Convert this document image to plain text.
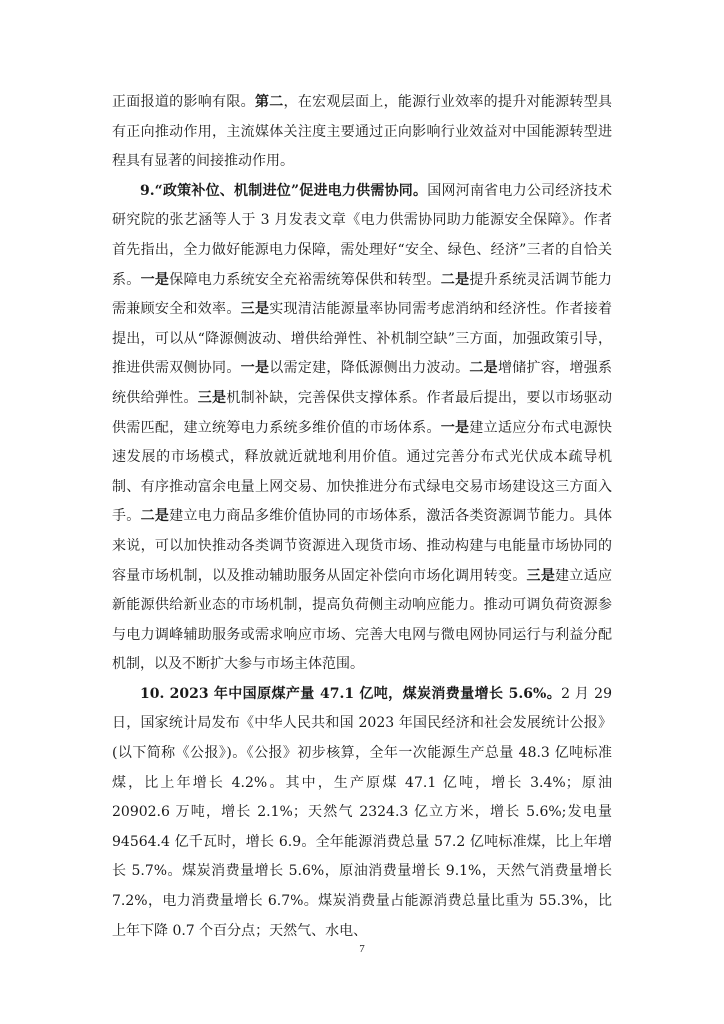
正面报道的影响有限。第二，在宏观层面上，能源行业效率的提升对能源转型具有正向推动作用，主流媒体关注度主要通过正向影响行业效益对中国能源转型进程具有显著的间接推动作用。

9.“政策补位、机制进位”促进电力供需协同。国网河南省电力公司经济技术研究院的张艺涵等人于 3 月发表文章《电力供需协同助力能源安全保障》。作者首先指出，全力做好能源电力保障，需处理好“安全、绿色、经济”三者的自恰关系。一是保障电力系统安全充裕需统筹保供和转型。二是提升系统灵活调节能力需兼顾安全和效率。三是实现清洁能源量率协同需考虑消纳和经济性。作者接着提出，可以从“降源侧波动、增供给弹性、补机制空缺”三方面，加强政策引导，推进供需双侧协同。一是以需定建，降低源侧出力波动。二是增储扩容，增强系统供给弹性。三是机制补缺，完善保供支撑体系。作者最后提出，要以市场驱动供需匹配，建立统筹电力系统多维价值的市场体系。一是建立适应分布式电源快速发展的市场模式，释放就近就地利用价值。通过完善分布式光伏成本疏导机制、有序推动富余电量上网交易、加快推进分布式绿电交易市场建设这三方面入手。二是建立电力商品多维价值协同的市场体系，激活各类资源调节能力。具体来说，可以加快推动各类调节资源进入现货市场、推动构建与电能量市场协同的容量市场机制，以及推动辅助服务从固定补偿向市场化调用转变。三是建立适应新能源供给新业态的市场机制，提高负荷侧主动响应能力。推动可调负荷资源参与电力调峰辅助服务或需求响应市场、完善大电网与微电网协同运行与利益分配机制，以及不断扩大参与市场主体范围。

10. 2023 年中国原煤产量 47.1 亿吨，煤炭消费量增长 5.6%。2 月 29 日，国家统计局发布《中华人民共和国 2023 年国民经济和社会发展统计公报》(以下简称《公报》)。《公报》初步核算，全年一次能源生产总量 48.3 亿吨标准煤，比上年增长 4.2%。其中，生产原煤 47.1 亿吨，增长 3.4%；原油 20902.6 万吨，增长 2.1%；天然气 2324.3 亿立方米，增长 5.6%;发电量 94564.4 亿千瓦时，增长 6.9。全年能源消费总量 57.2 亿吨标准煤，比上年增长 5.7%。煤炭消费量增长 5.6%，原油消费量增长 9.1%，天然气消费量增长 7.2%，电力消费量增长 6.7%。煤炭消费量占能源消费总量比重为 55.3%，比上年下降 0.7 个百分点；天然气、水电、

7
